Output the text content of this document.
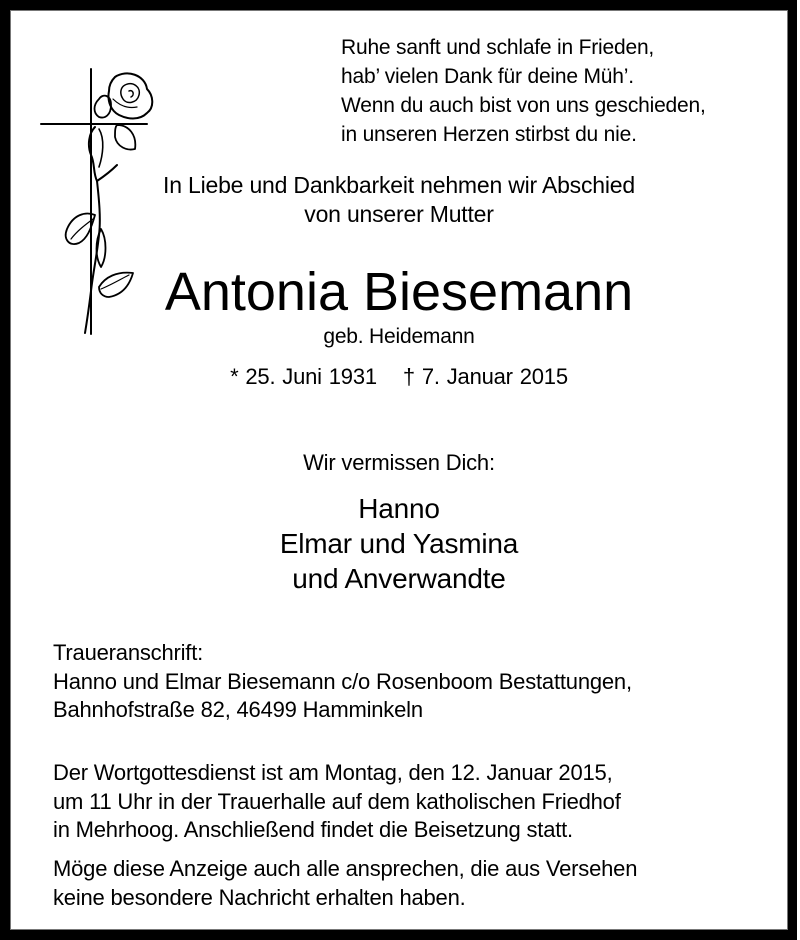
Ruhe sanft und schlafe in Frieden,
hab’ vielen Dank für deine Müh’.
Wenn du auch bist von uns geschieden,
in unseren Herzen stirbst du nie.
In Liebe und Dankbarkeit nehmen wir Abschied
von unserer Mutter
Antonia Biesemann
geb. Heidemann
* 25. Juni 1931 † 7. Januar 2015
Wir vermissen Dich:
Hanno
Elmar und Yasmina
und Anverwandte
Traueranschrift:
Hanno und Elmar Biesemann c/o Rosenboom Bestattungen,
Bahnhofstraße 82, 46499 Hamminkeln
Der Wortgottesdienst ist am Montag, den 12. Januar 2015,
um 11 Uhr in der Trauerhalle auf dem katholischen Friedhof
in Mehrhoog. Anschließend findet die Beisetzung statt.
Möge diese Anzeige auch alle ansprechen, die aus Versehen
keine besondere Nachricht erhalten haben.
